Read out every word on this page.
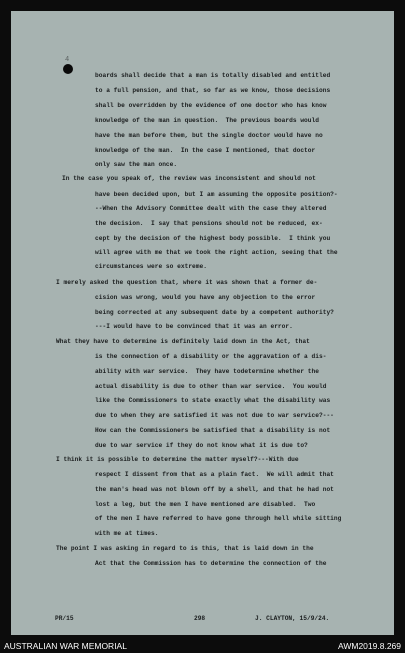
4
boards shall decide that a man is totally disabled and entitled
to a full pension, and that, so far as we know, those decisions
shall be overridden by the evidence of one doctor who has know
knowledge of the man in question.  The previous boards would
have the man before them, but the single doctor would have no
knowledge of the man.  In the case I mentioned, that doctor
only saw the man once.
In the case you speak of, the review was inconsistent and should not
have been decided upon, but I am assuming the opposite position?-
--When the Advisory Committee dealt with the case they altered
the decision.  I say that pensions should not be reduced, ex-
cept by the decision of the highest body possible.  I think you
will agree with me that we took the right action, seeing that the
circumstances were so extreme.
I merely asked the question that, where it was shown that a former de-
cision was wrong, would you have any objection to the error
being corrected at any subsequent date by a competent authority?
---I would have to be convinced that it was an error.
What they have to determine is definitely laid down in the Act, that
is the connection of a disability or the aggravation of a dis-
ability with war service.  They have todetermine whether the
actual disability is due to other than war service.  You would
like the Commissioners to state exactly what the disability was
due to when they are satisfied it was not due to war service?---
How can the Commissioners be satisfied that a disability is not
due to war service if they do not know what it is due to?
I think it is possible to determine the matter myself?---With due
respect I dissent from that as a plain fact.  We will admit that
the man's head was not blown off by a shell, and that he had not
lost a leg, but the men I have mentioned are disabled.  Two
of the men I have referred to have gone through hell while sitting
with me at times.
The point I was asking in regard to is this, that is laid down in the
Act that the Commission has to determine the connection of the
PR/15	298	J. CLAYTON, 15/9/24.
AUSTRALIAN WAR MEMORIAL	AWM2019.8.269
